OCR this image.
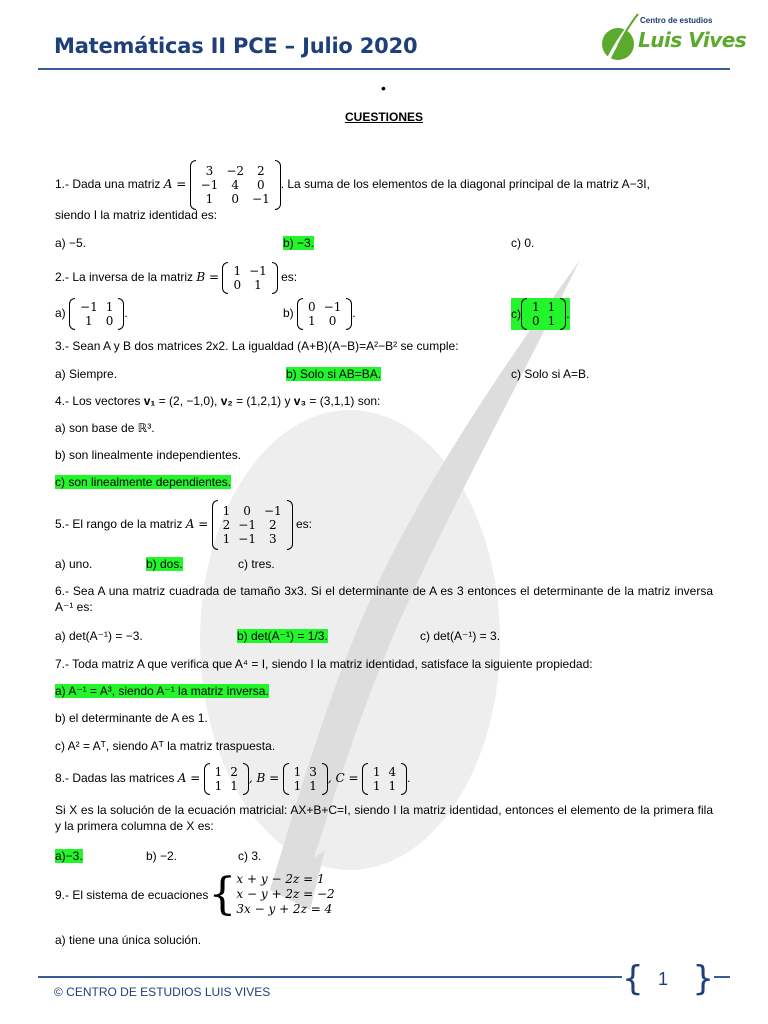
Matemáticas II PCE – Julio 2020
Centro de estudios
Luis Vives
•
CUESTIONES
1.- Dada una matriz A =
3	−2	2
−1	4	0
1	0	−1
. La suma de los elementos de la diagonal principal de la matriz A−3I,
siendo I la matriz identidad es:
a) −5.	b) −3.	c) 0.
2.- La inversa de la matriz B = 1	−1
0	1
es:
a) −1	1
1	0
.	b) 0	−1
1	0
.	c) 1	1
0	1 .
3.- Sean A y B dos matrices 2x2. La igualdad (A+B)(A−B)=A²−B² se cumple:
a) Siempre.	b) Solo si AB=BA.	c) Solo si A=B.
4.- Los vectores v₁ = (2, −1,0), v₂ = (1,2,1) y v₃ = (3,1,1) son:
a) son base de ℝ³.
b) son linealmente independientes.
c) son linealmente dependientes.
5.- El rango de la matriz A =
1	0	−1
2	−1	2
1	−1	3
es:
a) uno.	b) dos.	c) tres.
6.- Sea A una matriz cuadrada de tamaño 3x3. Si el determinante de A es 3 entonces el determinante de la matriz inversa A⁻¹ es:
a) det(A⁻¹) = −3.	b) det(A⁻¹) = 1/3.	c) det(A⁻¹) = 3.
7.- Toda matriz A que verifica que A⁴ = I, siendo I la matriz identidad, satisface la siguiente propiedad:
a) A⁻¹ = A³, siendo A⁻¹ la matriz inversa.
b) el determinante de A es 1.
c) A² = Aᵀ, siendo Aᵀ la matriz traspuesta.
8.- Dadas las matrices A = 1	2
1	1
, B = 1	3
1	1
, C = 1	4
1	1
.
Si X es la solución de la ecuación matricial: AX+B+C=I, siendo I la matriz identidad, entonces el elemento de la primera fila y la primera columna de X es:
a)−3.	b) −2.	c) 3.
9.- El sistema de ecuaciones { x + y − 2z = 1
x − y + 2z = −2
3x − y + 2z = 4
a) tiene una única solución.
© CENTRO DE ESTUDIOS LUIS VIVES	{ 1 }
